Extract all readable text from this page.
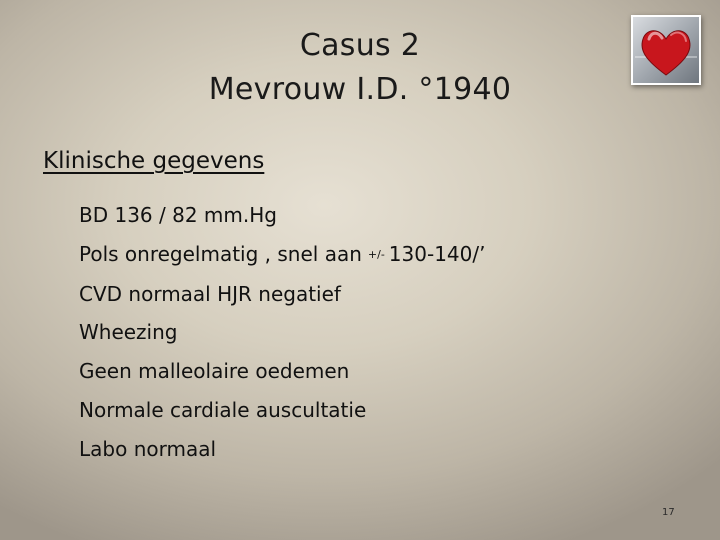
Casus 2
Mevrouw I.D. °1940
Klinische gegevens
BD 136 / 82 mm.Hg
Pols onregelmatig , snel aan +/- 130-140/’
CVD normaal HJR negatief
Wheezing
Geen malleolaire oedemen
Normale cardiale auscultatie
Labo normaal
17
